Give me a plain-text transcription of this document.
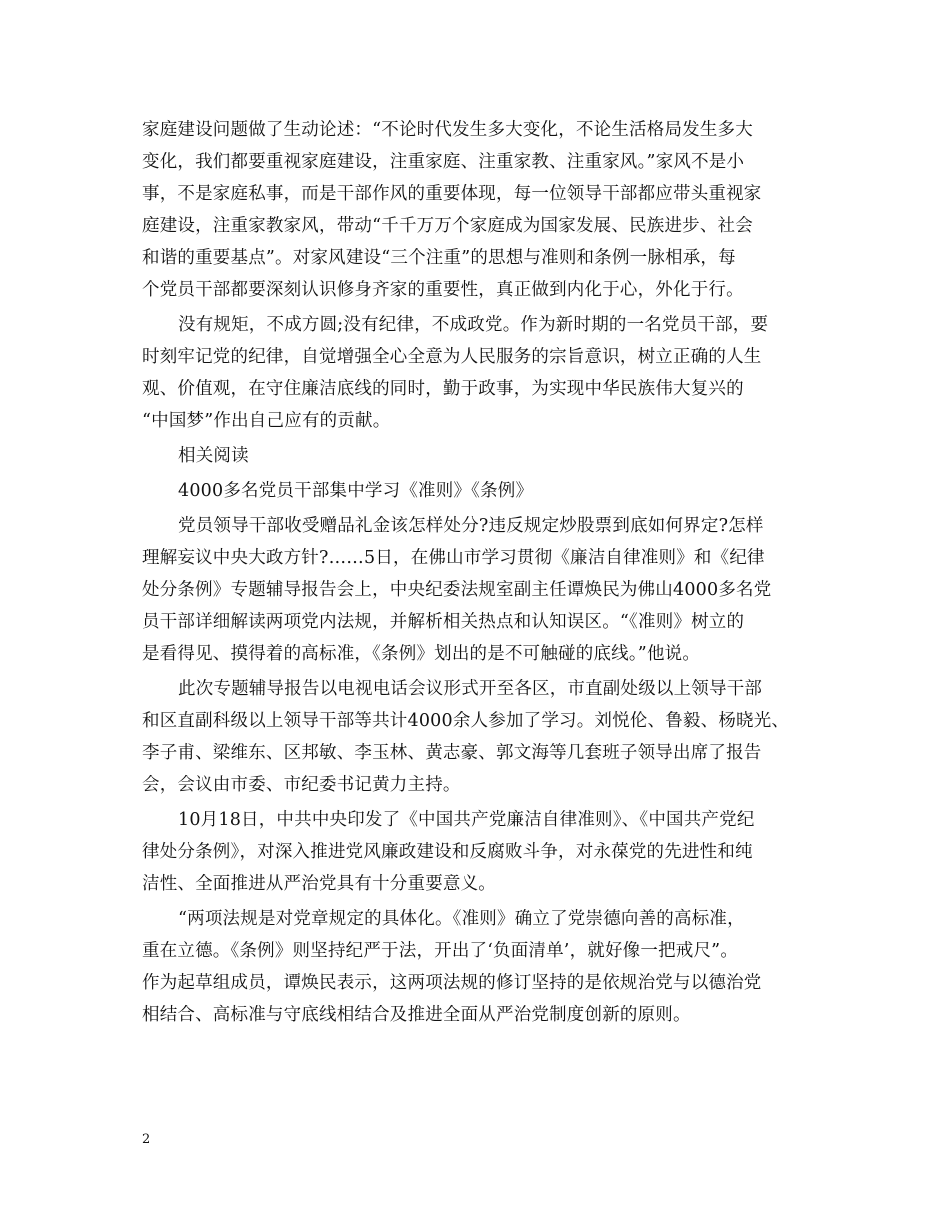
家庭建设问题做了生动论述：“不论时代发生多大变化，不论生活格局发生多大
变化，我们都要重视家庭建设，注重家庭、注重家教、注重家风。”家风不是小
事，不是家庭私事，而是干部作风的重要体现，每一位领导干部都应带头重视家
庭建设，注重家教家风，带动“千千万万个家庭成为国家发展、民族进步、社会
和谐的重要基点”。对家风建设“三个注重”的思想与准则和条例一脉相承，每
个党员干部都要深刻认识修身齐家的重要性，真正做到内化于心，外化于行。
没有规矩，不成方圆;没有纪律，不成政党。作为新时期的一名党员干部，要
时刻牢记党的纪律，自觉增强全心全意为人民服务的宗旨意识，树立正确的人生
观、价值观，在守住廉洁底线的同时，勤于政事，为实现中华民族伟大复兴的
“中国梦”作出自己应有的贡献。
相关阅读
4000多名党员干部集中学习《准则》《条例》
党员领导干部收受赠品礼金该怎样处分?违反规定炒股票到底如何界定?怎样
理解妄议中央大政方针?……5日，在佛山市学习贯彻《廉洁自律准则》和《纪律
处分条例》专题辅导报告会上，中央纪委法规室副主任谭焕民为佛山4000多名党
员干部详细解读两项党内法规，并解析相关热点和认知误区。“《准则》树立的
是看得见、摸得着的高标准，《条例》划出的是不可触碰的底线。”他说。
此次专题辅导报告以电视电话会议形式开至各区，市直副处级以上领导干部
和区直副科级以上领导干部等共计4000余人参加了学习。刘悦伦、鲁毅、杨晓光、
李子甫、梁维东、区邦敏、李玉林、黄志豪、郭文海等几套班子领导出席了报告
会，会议由市委、市纪委书记黄力主持。
10月18日，中共中央印发了《中国共产党廉洁自律准则》、《中国共产党纪
律处分条例》，对深入推进党风廉政建设和反腐败斗争，对永葆党的先进性和纯
洁性、全面推进从严治党具有十分重要意义。
“两项法规是对党章规定的具体化。《准则》确立了党崇德向善的高标准，
重在立德。《条例》则坚持纪严于法，开出了‘负面清单’，就好像一把戒尺”。
作为起草组成员，谭焕民表示，这两项法规的修订坚持的是依规治党与以德治党
相结合、高标准与守底线相结合及推进全面从严治党制度创新的原则。
2
